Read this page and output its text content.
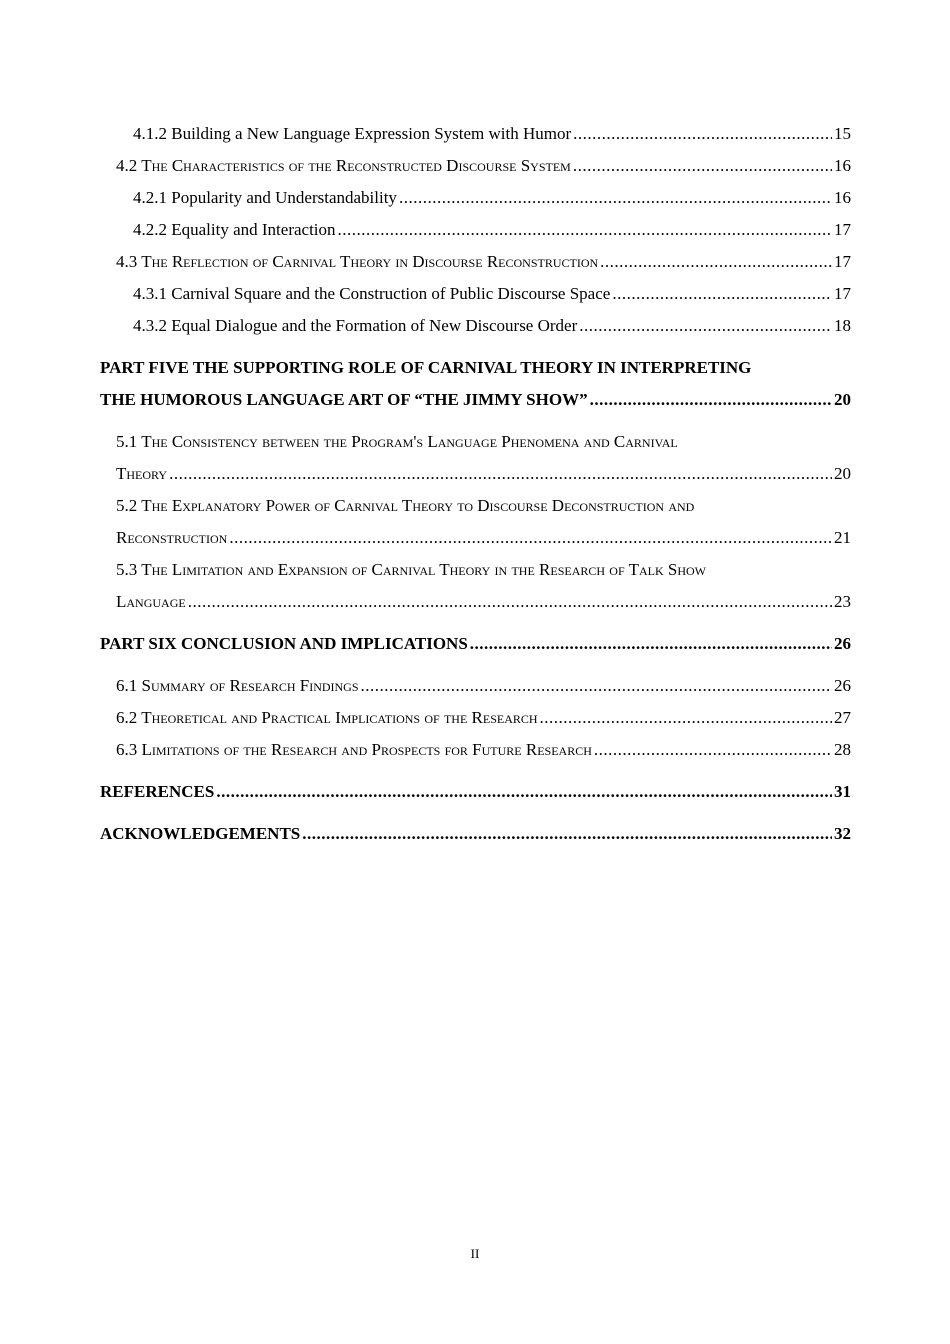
4.1.2 Building a New Language Expression System with Humor .....	15
4.2 The Characteristics of the Reconstructed Discourse System .....	16
4.2.1 Popularity and Understandability .....	16
4.2.2 Equality and Interaction .....	17
4.3 The Reflection of Carnival Theory in Discourse Reconstruction .....	17
4.3.1 Carnival Square and the Construction of Public Discourse Space .....	17
4.3.2 Equal Dialogue and the Formation of New Discourse Order .....	18
PART FIVE THE SUPPORTING ROLE OF CARNIVAL THEORY IN INTERPRETING
THE HUMOROUS LANGUAGE ART OF “THE JIMMY SHOW” .....	20
5.1 The Consistency between the Program's Language Phenomena and Carnival
Theory .....	20
5.2 The Explanatory Power of Carnival Theory to Discourse Deconstruction and
Reconstruction .....	21
5.3 The Limitation and Expansion of Carnival Theory in the Research of Talk Show
Language .....	23
PART SIX CONCLUSION AND IMPLICATIONS .....	26
6.1 Summary of Research Findings .....	26
6.2 Theoretical and Practical Implications of the Research .....	27
6.3 Limitations of the Research and Prospects for Future Research .....	28
REFERENCES .....	31
ACKNOWLEDGEMENTS .....	32
II
